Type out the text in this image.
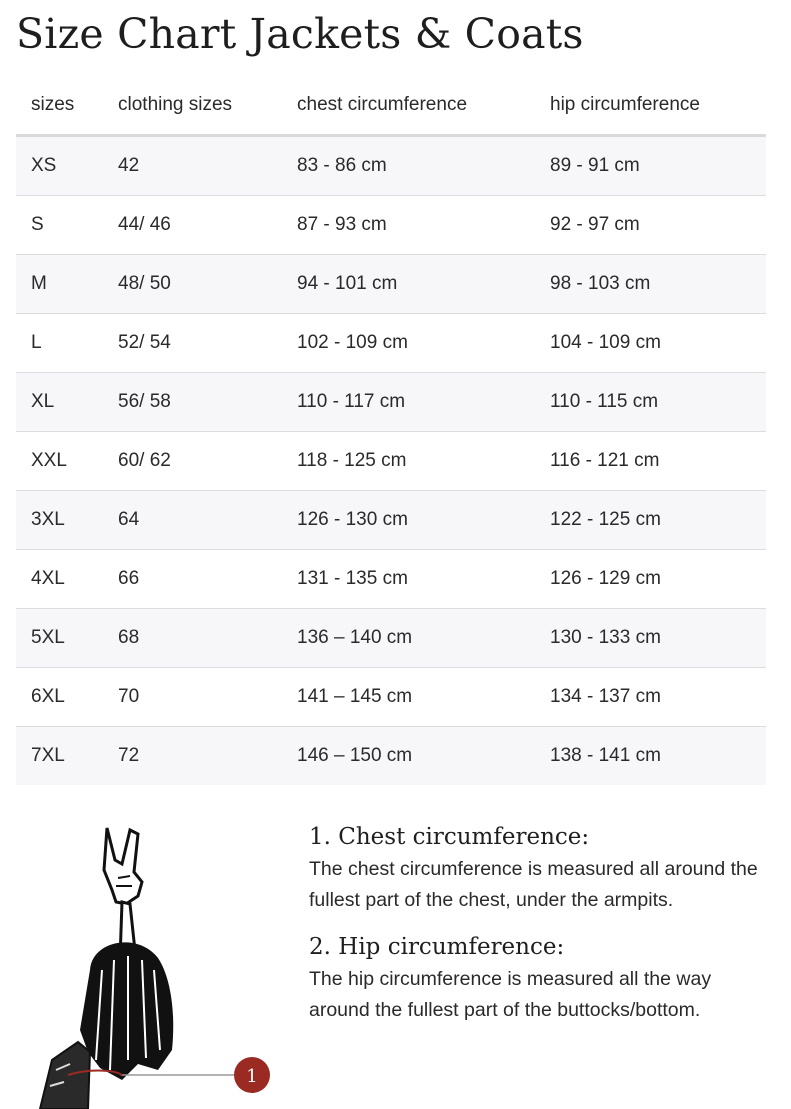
Size Chart Jackets & Coats
sizes	clothing sizes	chest circumference	hip circumference
XS	42	83 - 86 cm	89 - 91 cm
S	44/ 46	87 - 93 cm	92 - 97 cm
M	48/ 50	94 - 101 cm	98 - 103 cm
L	52/ 54	102 - 109 cm	104 - 109 cm
XL	56/ 58	110 - 117 cm	110 - 115 cm
XXL	60/ 62	118 - 125 cm	116 - 121 cm
3XL	64	126 - 130 cm	122 - 125 cm
4XL	66	131 - 135 cm	126 - 129 cm
5XL	68	136 – 140 cm	130 - 133 cm
6XL	70	141 – 145 cm	134 - 137 cm
7XL	72	146 – 150 cm	138 - 141 cm
1
1. Chest circumference:

The chest circumference is measured all around the fullest part of the chest, under the armpits.

2. Hip circumference:

The hip circumference is measured all the way around the fullest part of the buttocks/bottom.
